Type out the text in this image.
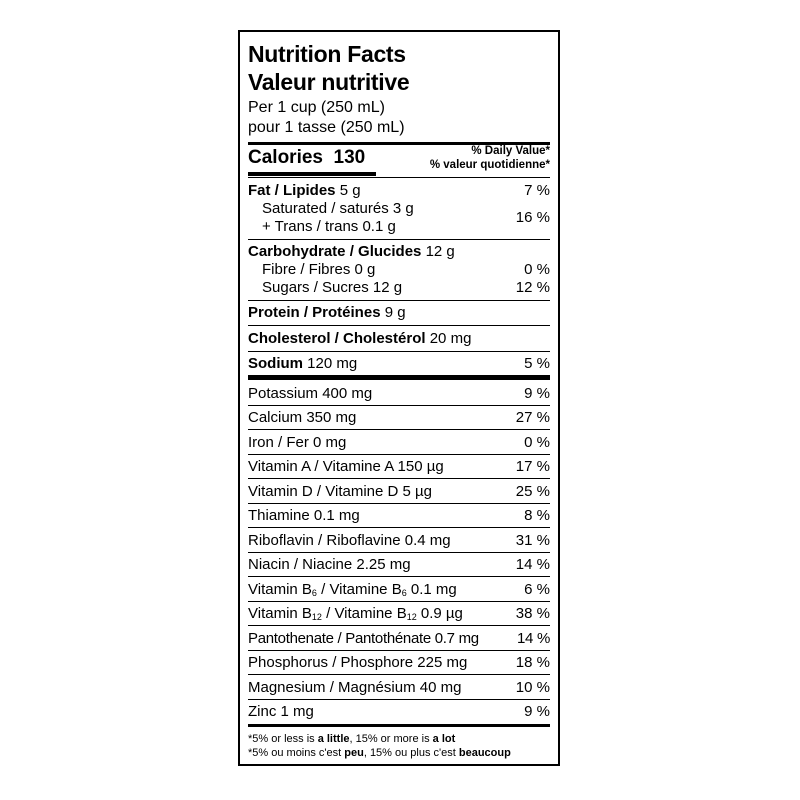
Nutrition Facts
Valeur nutritive
Per 1 cup (250 mL)
pour 1 tasse (250 mL)
Calories 130	% Daily Value*
% valeur quotidienne*
Fat / Lipides 5 g	7 %
Saturated / saturés 3 g
+ Trans / trans 0.1 g
16 %
Carbohydrate / Glucides 12 g
Fibre / Fibres 0 g	0 %
Sugars / Sucres 12 g	12 %
Protein / Protéines 9 g
Cholesterol / Cholestérol 20 mg
Sodium 120 mg	5 %
Potassium 400 mg	9 %
Calcium 350 mg	27 %
Iron / Fer 0 mg	0 %
Vitamin A / Vitamine A 150 µg	17 %
Vitamin D / Vitamine D 5 µg	25 %
Thiamine 0.1 mg	8 %
Riboflavin / Riboflavine 0.4 mg	31 %
Niacin / Niacine 2.25 mg	14 %
Vitamin $B_6$ / Vitamine $B_6$ 0.1 mg	6 %
Vitamin $B_{12}$ / Vitamine $B_{12}$ 0.9 µg	38 %
Pantothenate / Pantothénate 0.7 mg	14 %
Phosphorus / Phosphore 225 mg	18 %
Magnesium / Magnésium 40 mg	10 %
Zinc 1 mg	9 %
*5% or less is a little, 15% or more is a lot
*5% ou moins c'est peu, 15% ou plus c'est beaucoup
